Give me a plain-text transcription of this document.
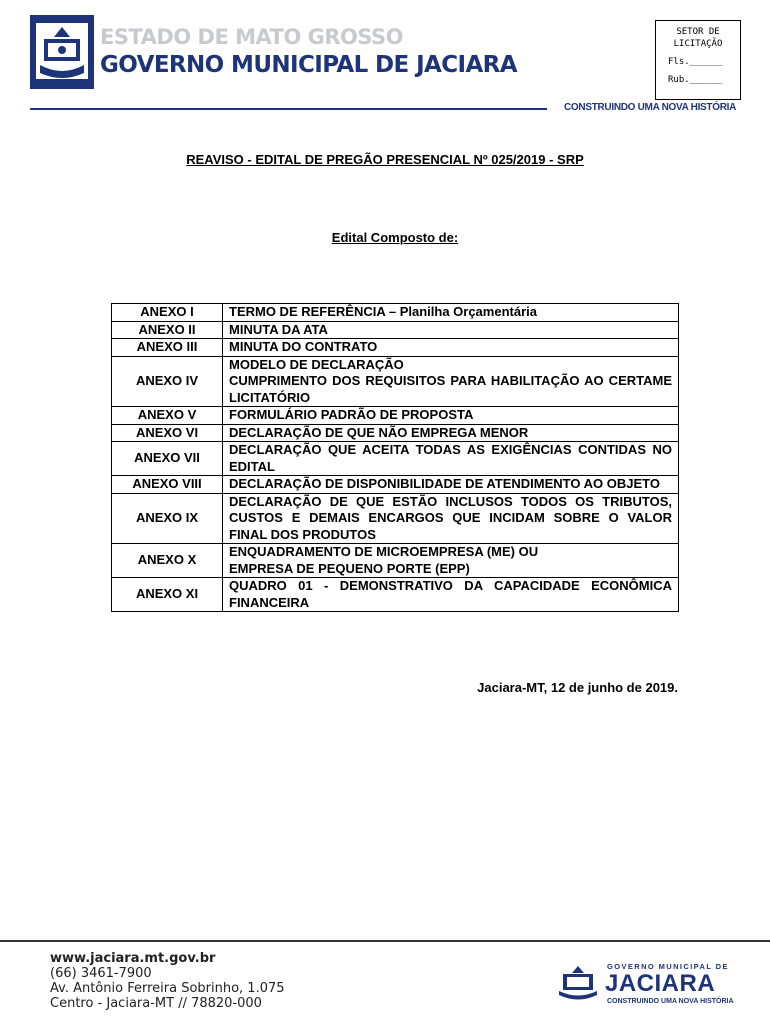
ESTADO DE MATO GROSSO
GOVERNO MUNICIPAL DE JACIARA
SETOR DE
LICITAÇÃO
Fls.______
Rub.______
CONSTRUINDO UMA NOVA HISTÓRIA
REAVISO - EDITAL DE PREGÃO PRESENCIAL Nº 025/2019 - SRP
Edital Composto de:
ANEXO I	TERMO DE REFERÊNCIA – Planilha Orçamentária

ANEXO II	MINUTA DA ATA

ANEXO III	MINUTA DO CONTRATO

ANEXO IV	MODELO DE DECLARAÇÃO
CUMPRIMENTO DOS REQUISITOS PARA HABILITAÇÃO AO CERTAME LICITATÓRIO

ANEXO V	FORMULÁRIO PADRÃO DE PROPOSTA

ANEXO VI	DECLARAÇÃO DE QUE NÃO EMPREGA MENOR

ANEXO VII	DECLARAÇÃO QUE ACEITA TODAS AS EXIGÊNCIAS CONTIDAS NO EDITAL

ANEXO VIII	DECLARAÇÃO DE DISPONIBILIDADE DE ATENDIMENTO AO OBJETO

ANEXO IX	DECLARAÇÃO DE QUE ESTÃO INCLUSOS TODOS OS TRIBUTOS, CUSTOS E DEMAIS ENCARGOS QUE INCIDAM SOBRE O VALOR FINAL DOS PRODUTOS

ANEXO X	ENQUADRAMENTO DE MICROEMPRESA (ME) OU
EMPRESA DE PEQUENO PORTE (EPP)

ANEXO XI	QUADRO 01 - DEMONSTRATIVO DA CAPACIDADE ECONÔMICA FINANCEIRA
Jaciara-MT, 12 de junho de 2019.
www.jaciara.mt.gov.br
(66) 3461-7900
Av. Antônio Ferreira Sobrinho, 1.075
Centro - Jaciara-MT // 78820-000
GOVERNO MUNICIPAL DE
JACIARA
CONSTRUINDO UMA NOVA HISTÓRIA
